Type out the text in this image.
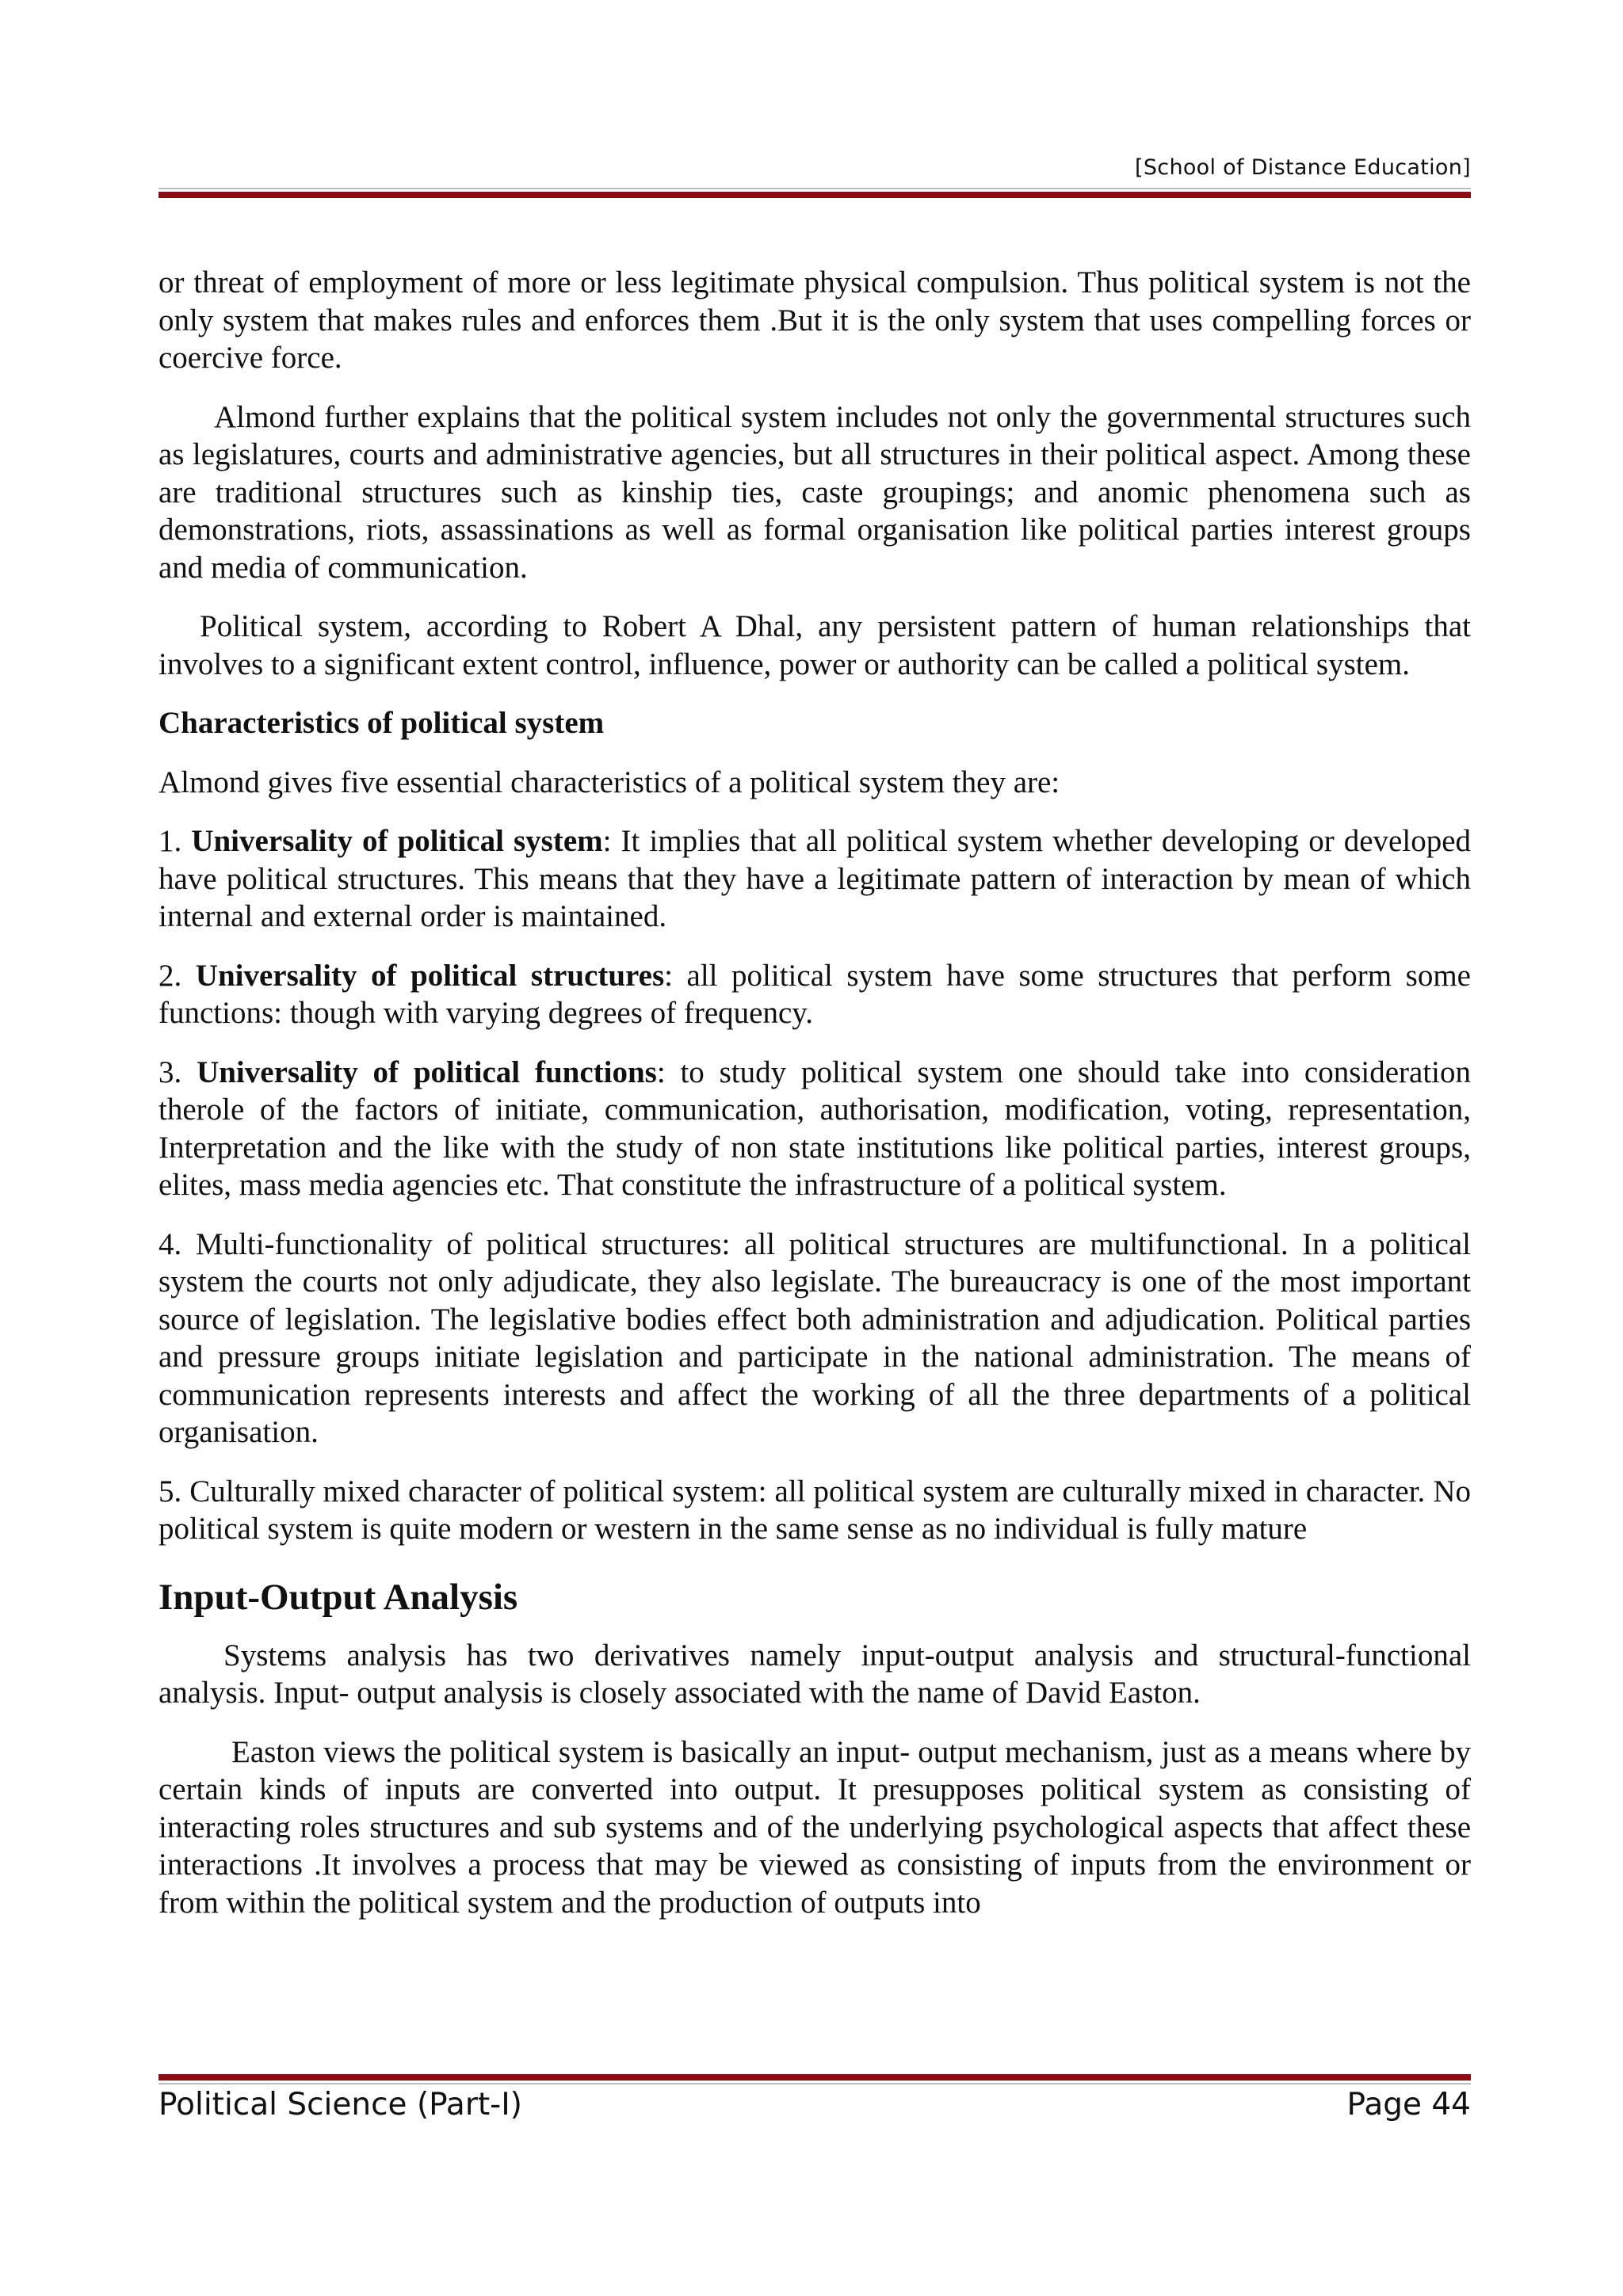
[School of Distance Education]

or threat of employment of more or less legitimate physical compulsion. Thus political system is not the only system that makes rules and enforces them .But it is the only system that uses compelling forces or coercive force.

Almond further explains that the political system includes not only the governmental structures such as legislatures, courts and administrative agencies, but all structures in their political aspect. Among these are traditional structures such as kinship ties, caste groupings; and anomic phenomena such as demonstrations, riots, assassinations as well as formal organisation like political parties interest groups and media of communication.

Political system, according to Robert A Dhal, any persistent pattern of human relationships that involves to a significant extent control, influence, power or authority can be called a political system.

Characteristics of political system

Almond gives five essential characteristics of a political system they are:

1. Universality of political system: It implies that all political system whether developing or developed have political structures. This means that they have a legitimate pattern of interaction by mean of which internal and external order is maintained.

2. Universality of political structures: all political system have some structures that perform some functions: though with varying degrees of frequency.

3. Universality of political functions: to study political system one should take into consideration therole of the factors of initiate, communication, authorisation, modification, voting, representation, Interpretation and the like with the study of non state institutions like political parties, interest groups, elites, mass media agencies etc. That constitute the infrastructure of a political system.

4. Multi-functionality of political structures: all political structures are multifunctional. In a political system the courts not only adjudicate, they also legislate. The bureaucracy is one of the most important source of legislation. The legislative bodies effect both administration and adjudication. Political parties and pressure groups initiate legislation and participate in the national administration. The means of communication represents interests and affect the working of all the three departments of a political organisation.

5. Culturally mixed character of political system: all political system are culturally mixed in character. No political system is quite modern or western in the same sense as no individual is fully mature

Input-Output Analysis

Systems analysis has two derivatives namely input-output analysis and structural-functional analysis. Input- output analysis is closely associated with the name of David Easton.

Easton views the political system is basically an input- output mechanism, just as a means where by certain kinds of inputs are converted into output. It presupposes political system as consisting of interacting roles structures and sub systems and of the underlying psychological aspects that affect these interactions .It involves a process that may be viewed as consisting of inputs from the environment or from within the political system and the production of outputs into

Political Science (Part-I)	Page 44
